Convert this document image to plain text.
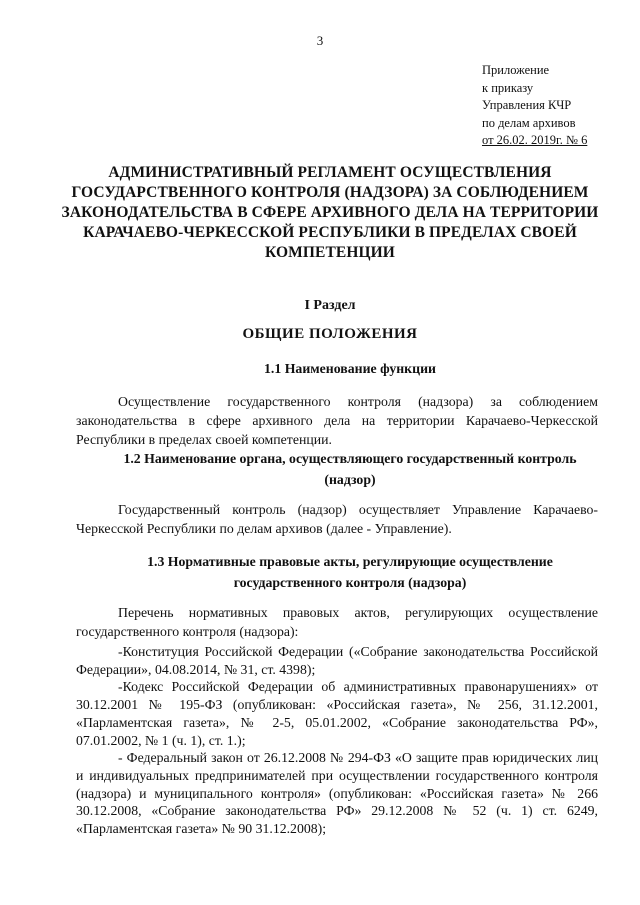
3
Приложение
к приказу
Управления КЧР
по делам архивов
от 26.02. 2019г. № 6
АДМИНИСТРАТИВНЫЙ РЕГЛАМЕНТ ОСУЩЕСТВЛЕНИЯ ГОСУДАРСТВЕННОГО КОНТРОЛЯ (НАДЗОРА) ЗА СОБЛЮДЕНИЕМ ЗАКОНОДАТЕЛЬСТВА В СФЕРЕ АРХИВНОГО ДЕЛА НА ТЕРРИТОРИИ КАРАЧАЕВО-ЧЕРКЕССКОЙ РЕСПУБЛИКИ В ПРЕДЕЛАХ СВОЕЙ КОМПЕТЕНЦИИ
I Раздел
ОБЩИЕ ПОЛОЖЕНИЯ
1.1 Наименование функции
Осуществление государственного контроля (надзора) за соблюдением законодательства в сфере архивного дела на территории Карачаево-Черкесской Республики в пределах своей компетенции.
1.2 Наименование органа, осуществляющего государственный контроль (надзор)
Государственный контроль (надзор) осуществляет Управление Карачаево-Черкесской Республики по делам архивов (далее - Управление).
1.3 Нормативные правовые акты, регулирующие осуществление государственного контроля (надзора)
Перечень нормативных правовых актов, регулирующих осуществление государственного контроля (надзора):
-Конституция Российской Федерации («Собрание законодательства Российской Федерации», 04.08.2014, № 31, ст. 4398);
-Кодекс Российской Федерации об административных правонарушениях» от 30.12.2001 № 195-ФЗ (опубликован: «Российская газета», № 256, 31.12.2001, «Парламентская газета», № 2-5, 05.01.2002, «Собрание законодательства РФ», 07.01.2002, № 1 (ч. 1), ст. 1.);
- Федеральный закон от 26.12.2008 № 294-ФЗ «О защите прав юридических лиц и индивидуальных предпринимателей при осуществлении государственного контроля (надзора) и муниципального контроля» (опубликован: «Российская газета» № 266 30.12.2008, «Собрание законодательства РФ» 29.12.2008 № 52 (ч. 1) ст. 6249, «Парламентская газета» № 90 31.12.2008);
